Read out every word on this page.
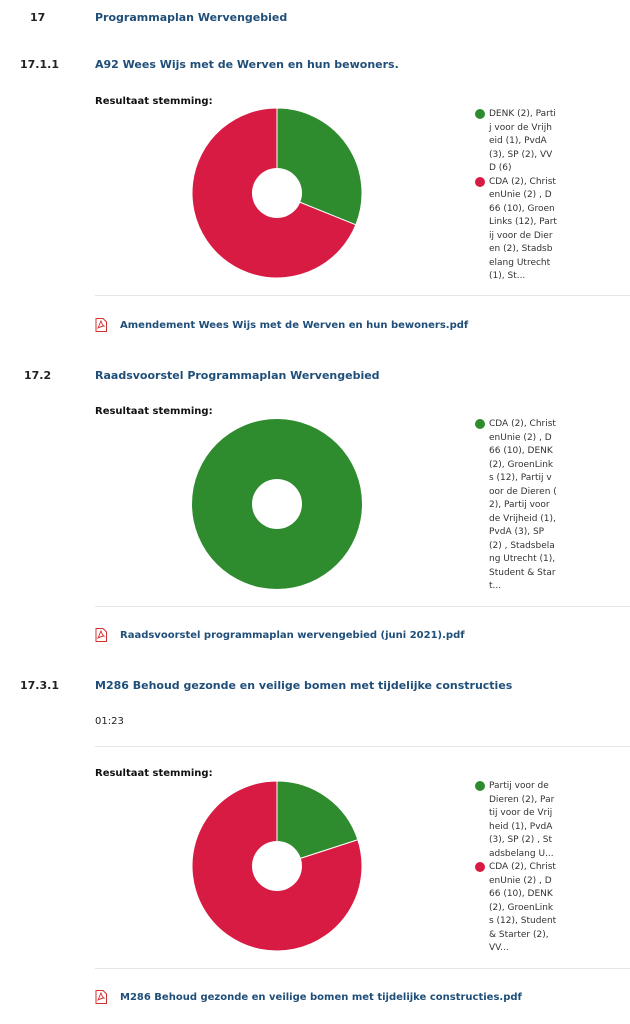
17	Programmaplan Wervengebied
17.1.1	A92 Wees Wijs met de Werven en hun bewoners.
Resultaat stemming:
DENK (2), Partij voor de Vrijheid (1), PvdA (3), SP (2), VVD (6)
CDA (2), ChristenUnie (2) , D66 (10), GroenLinks (12), Partij voor de Dieren (2), Stadsbelang Utrecht (1), St...
Amendement Wees Wijs met de Werven en hun bewoners.pdf
17.2	Raadsvoorstel Programmaplan Wervengebied
Resultaat stemming:
CDA (2), ChristenUnie (2) , D66 (10), DENK (2), GroenLinks (12), Partij voor de Dieren ( 2), Partij voor de Vrijheid (1), PvdA (3), SP (2) , Stadsbelang Utrecht (1), Student & Start...
Raadsvoorstel programmaplan wervengebied (juni 2021).pdf
17.3.1	M286 Behoud gezonde en veilige bomen met tijdelijke constructies
01:23
Resultaat stemming:
Partij voor de Dieren (2), Partij voor de Vrijheid (1), PvdA (3), SP (2) , Stadsbelang U...
CDA (2), ChristenUnie (2) , D66 (10), DENK (2), GroenLinks (12), Student & Starter (2), VV...
M286 Behoud gezonde en veilige bomen met tijdelijke constructies.pdf
